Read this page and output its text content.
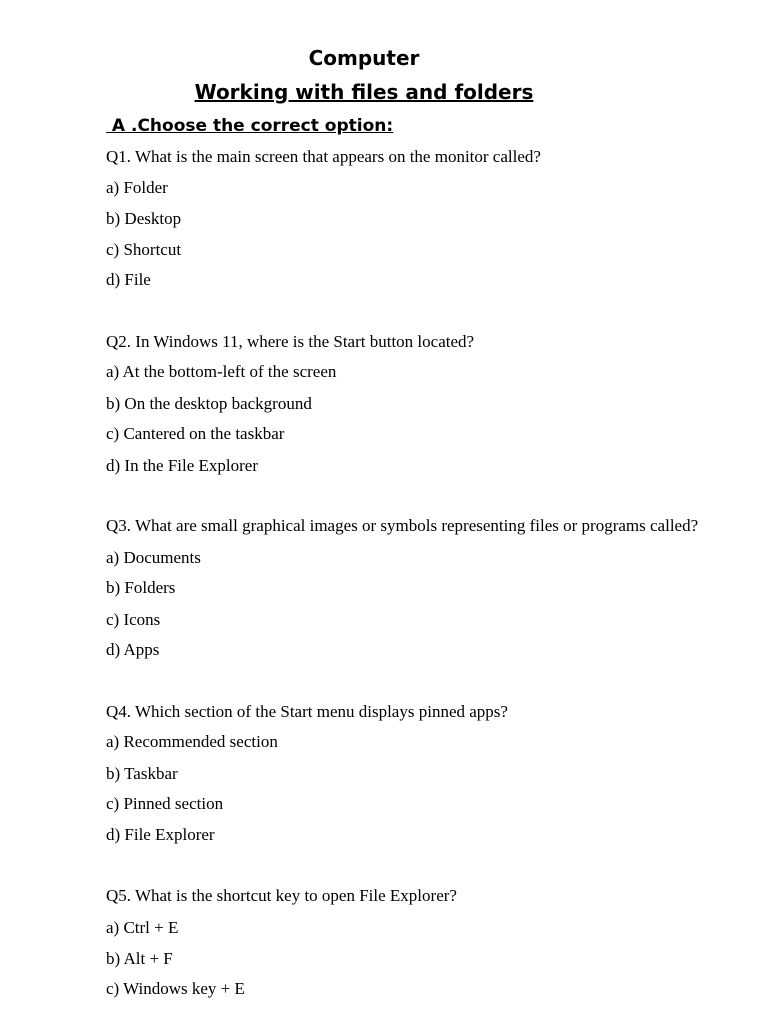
Computer
Working with files and folders
A .Choose the correct option:

Q1. What is the main screen that appears on the monitor called?

a) Folder

b) Desktop

c) Shortcut

d) File

Q2. In Windows 11, where is the Start button located?

a) At the bottom-left of the screen

b) On the desktop background

c) Cantered on the taskbar

d) In the File Explorer

Q3. What are small graphical images or symbols representing files or programs called?

a) Documents

b) Folders

c) Icons

d) Apps

Q4. Which section of the Start menu displays pinned apps?

a) Recommended section

b) Taskbar

c) Pinned section

d) File Explorer

Q5. What is the shortcut key to open File Explorer?

a) Ctrl + E

b) Alt + F

c) Windows key + E
